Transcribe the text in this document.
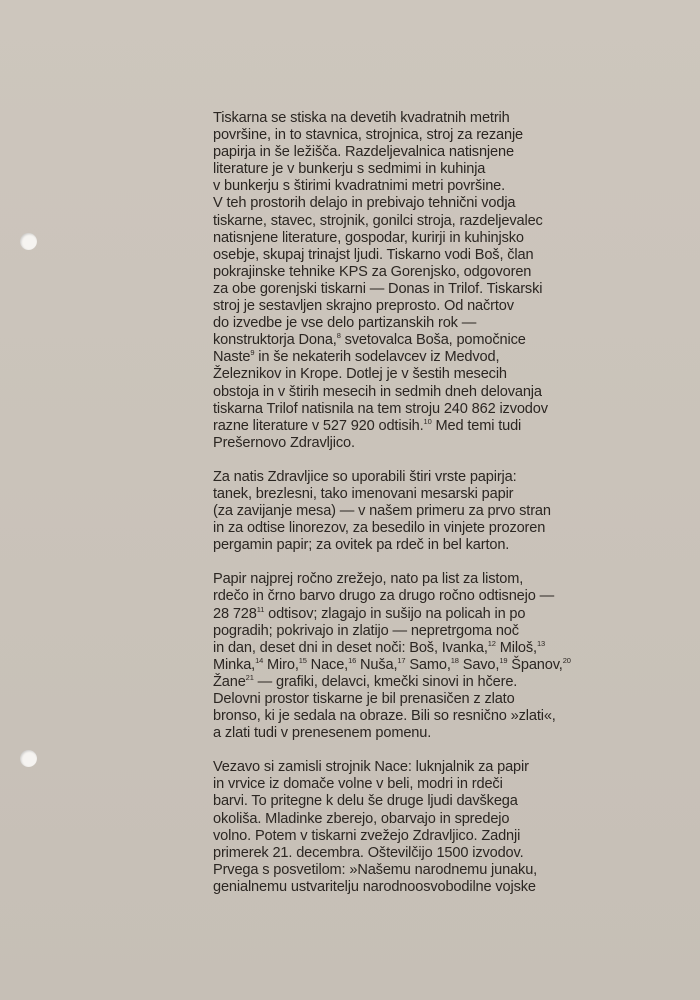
Tiskarna se stiska na devetih kvadratnih metrih
površine, in to stavnica, strojnica, stroj za rezanje
papirja in še ležišča. Razdeljevalnica natisnjene
literature je v bunkerju s sedmimi in kuhinja
v bunkerju s štirimi kvadratnimi metri površine.
V teh prostorih delajo in prebivajo tehnični vodja
tiskarne, stavec, strojnik, gonilci stroja, razdeljevalec
natisnjene literature, gospodar, kurirji in kuhinjsko
osebje, skupaj trinajst ljudi. Tiskarno vodi Boš, član
pokrajinske tehnike KPS za Gorenjsko, odgovoren
za obe gorenjski tiskarni — Donas in Trilof. Tiskarski
stroj je sestavljen skrajno preprosto. Od načrtov
do izvedbe je vse delo partizanskih rok —
konstruktorja Dona,$^8$ svetovalca Boša, pomočnice
Naste$^9$ in še nekaterih sodelavcev iz Medvod,
Železnikov in Krope. Dotlej je v šestih mesecih
obstoja in v štirih mesecih in sedmih dneh delovanja
tiskarna Trilof natisnila na tem stroju 240 862 izvodov
razne literature v 527 920 odtisih.$^{10}$ Med temi tudi
Prešernovo Zdravljico.

Za natis Zdravljice so uporabili štiri vrste papirja:
tanek, brezlesni, tako imenovani mesarski papir
(za zavijanje mesa) — v našem primeru za prvo stran
in za odtise linorezov, za besedilo in vinjete prozoren
pergamin papir; za ovitek pa rdeč in bel karton.

Papir najprej ročno zrežejo, nato pa list za listom,
rdečo in črno barvo drugo za drugo ročno odtisnejo —
28 $728^{11}$ odtisov; zlagajo in sušijo na policah in po
pogradih; pokrivajo in zlatijo — nepretrgoma noč
in dan, deset dni in deset noči: Boš, Ivanka,$^{12}$ Miloš,$^{13}$
Minka,$^{14}$ Miro,$^{15}$ Nace,$^{16}$ Nuša,$^{17}$ Samo,$^{18}$ Savo,$^{19}$ Španov,$^{20}$
Žane$^{21}$ — grafiki, delavci, kmečki sinovi in hčere.
Delovni prostor tiskarne je bil prenasičen z zlato
bronso, ki je sedala na obraze. Bili so resnično »zlati«,
a zlati tudi v prenesenem pomenu.

Vezavo si zamisli strojnik Nace: luknjalnik za papir
in vrvice iz domače volne v beli, modri in rdeči
barvi. To pritegne k delu še druge ljudi davškega
okoliša. Mladinke zberejo, obarvajo in spredejo
volno. Potem v tiskarni zvežejo Zdravljico. Zadnji
primerek 21. decembra. Oštevilčijo 1500 izvodov.
Prvega s posvetilom: »Našemu narodnemu junaku,
genialnemu ustvaritelju narodnoosvobodilne vojske
